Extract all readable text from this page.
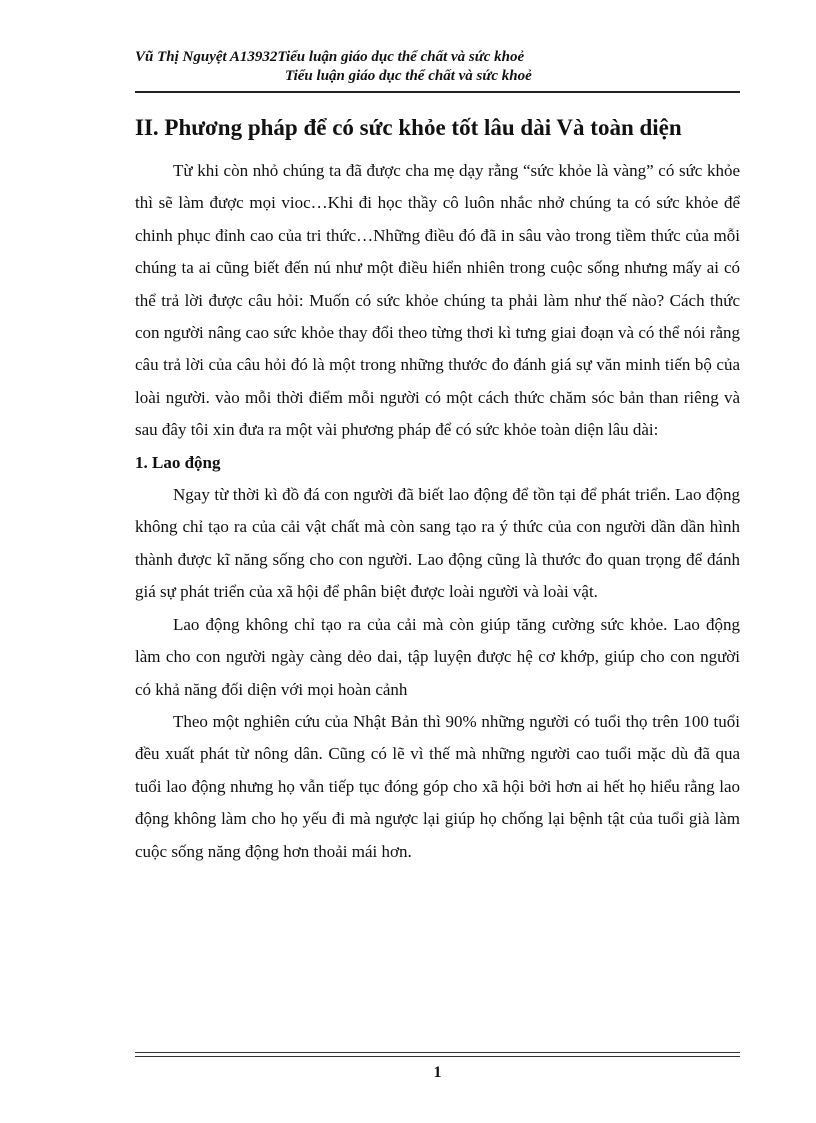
Vũ Thị Nguyệt A13932Tiểu luận giáo dục thể chất và sức khoẻ
Tiểu luận giáo dục thể chất và sức khoẻ
II. Phương pháp để có sức khỏe tốt lâu dài Và toàn diện

Từ khi còn nhỏ chúng ta đã được cha mẹ dạy rằng “sức khỏe là vàng” có sức khỏe thì sẽ làm được mọi vioc…Khi đi học thầy cô luôn nhắc nhở chúng ta có sức khỏe để chinh phục đỉnh cao của tri thức…Những điều đó đã in sâu vào trong tiềm thức của mỗi chúng ta ai cũng biết đến nú như một điều hiển nhiên trong cuộc sống nhưng mấy ai có thể trả lời được câu hỏi: Muốn có sức khỏe chúng ta phải làm như thế nào? Cách thức con người nâng cao sức khỏe thay đổi theo từng thơi kì tưng giai đoạn và có thể nói rằng câu trả lời của câu hỏi đó là một trong những thước đo đánh giá sự văn minh tiến bộ của loài người. vào mỗi thời điểm mỗi người có một cách thức chăm sóc bản than riêng và sau đây tôi xin đưa ra một vài phương pháp để có sức khỏe toàn diện lâu dài:

1. Lao động

Ngay từ thời kì đồ đá con người đã biết lao động để tồn tại để phát triển. Lao động không chỉ tạo ra của cải vật chất mà còn sang tạo ra ý thức của con người dần dần hình thành được kĩ năng sống cho con người. Lao động cũng là thước đo quan trọng để đánh giá sự phát triển của xã hội để phân biệt được loài người và loài vật.

Lao động không chỉ tạo ra của cải mà còn giúp tăng cường sức khỏe. Lao động làm cho con người ngày càng dẻo dai, tập luyện được hệ cơ khớp, giúp cho con người có khả năng đối diện với mọi hoàn cảnh

Theo một nghiên cứu của Nhật Bản thì 90% những người có tuổi thọ trên 100 tuổi đều xuất phát từ nông dân. Cũng có lẽ vì thế mà những người cao tuổi mặc dù đã qua tuổi lao động nhưng họ vẫn tiếp tục đóng góp cho xã hội bởi hơn ai hết họ hiểu rằng lao động không làm cho họ yếu đi mà ngược lại giúp họ chống lại bệnh tật của tuổi già làm cuộc sống năng động hơn thoải mái hơn.

1
